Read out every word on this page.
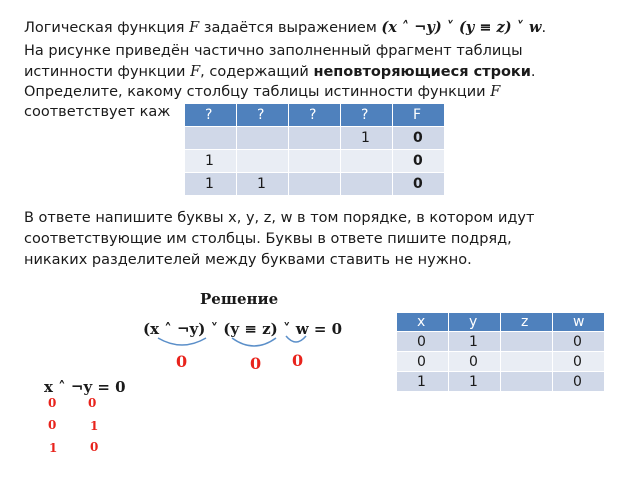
Логическая функция F задаётся выражением (x ˄ ¬y) ˅ (y ≡ z) ˅ w.
На рисунке приведён частично заполненный фрагмент таблицы
истинности функции F, содержащий неповторяющиеся строки.
Определите, какому столбцу таблицы истинности функции F
соответствует каж ?	?	?	?	F
			1	0
1				0
1	1			0
В ответе напишите буквы x, y, z, w в том порядке, в котором идут
соответствующие им столбцы. Буквы в ответе пишите подряд,
никаких разделителей между буквами ставить не нужно.
Решение
(x ˄ ¬y) ˅ (y ≡ z) ˅ w = 0
0	0 0
x ˄ ¬y = 0
0	0
0	1
1	0
x	y	z	w
0	1		0
0	0		0
1	1		0
